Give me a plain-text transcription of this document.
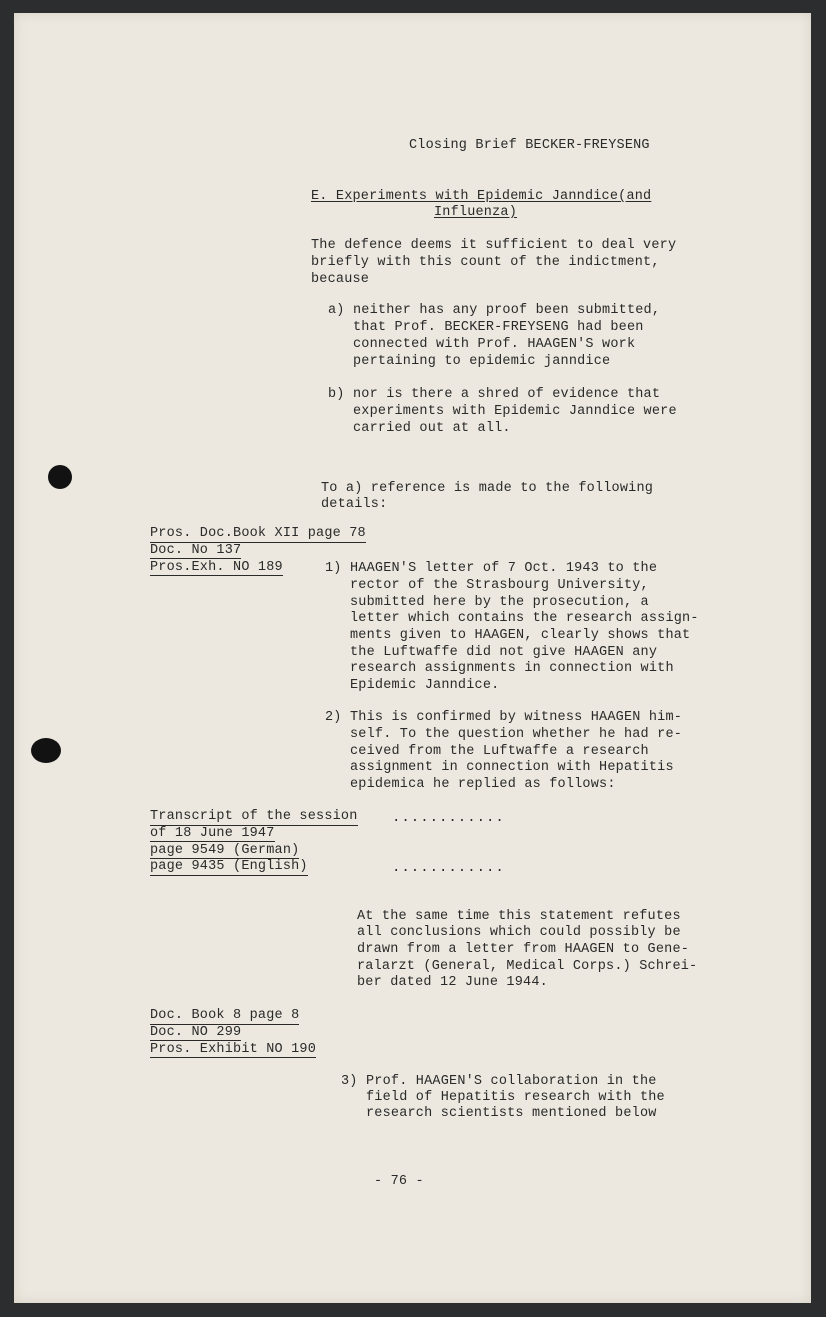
Closing Brief BECKER-FREYSENG
E. Experiments with Epidemic Janndice(and
Influenza)
The defence deems it sufficient to deal very
briefly with this count of the indictment,
because
a) neither has any proof been submitted,
that Prof. BECKER-FREYSENG had been
connected with Prof. HAAGEN'S work
pertaining to epidemic janndice
b) nor is there a shred of evidence that
experiments with Epidemic Janndice were
carried out at all.
To a) reference is made to the following
details:
Pros. Doc.Book XII page 78
Doc. No 137
Pros.Exh. NO 189	1) HAAGEN'S letter of 7 Oct. 1943 to the
rector of the Strasbourg University,
submitted here by the prosecution, a
letter which contains the research assign-
ments given to HAAGEN, clearly shows that
the Luftwaffe did not give HAAGEN any
research assignments in connection with
Epidemic Janndice.
2) This is confirmed by witness HAAGEN him-
self. To the question whether he had re-
ceived from the Luftwaffe a research
assignment in connection with Hepatitis
epidemica he replied as follows:
Transcript of the session
of 18 June 1947
page 9549 (German)
page 9435 (English)
............
............
At the same time this statement refutes
all conclusions which could possibly be
drawn from a letter from HAAGEN to Gene-
ralarzt (General, Medical Corps.) Schrei-
ber dated 12 June 1944.
Doc. Book 8 page 8
Doc. NO 299
Pros. Exhibit NO 190
3) Prof. HAAGEN'S collaboration in the
field of Hepatitis research with the
research scientists mentioned below
- 76 -
